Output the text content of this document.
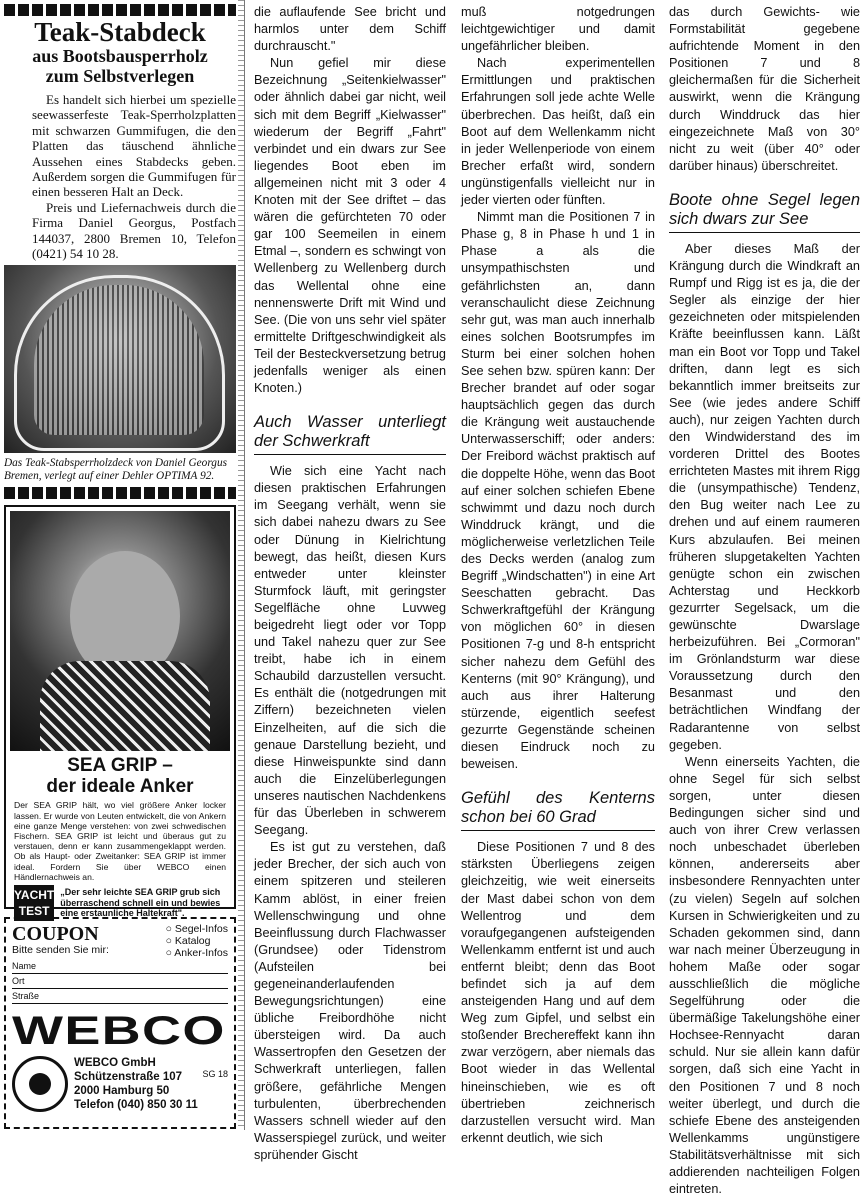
Teak-Stabdeck
aus Bootsbausperrholz
zum Selbstverlegen

Es handelt sich hierbei um spezielle seewasserfeste Teak-Sperrholzplatten mit schwarzen Gummifugen, die den Platten das täuschend ähnliche Aussehen eines Stabdecks geben. Außerdem sorgen die Gummifugen für einen besseren Halt an Deck.

Preis und Liefernachweis durch die Firma Daniel Georgus, Postfach 144037, 2800 Bremen 10, Telefon (0421) 54 10 28.

Das Teak-Stabsperrholzdeck von Daniel Georgus Bremen, verlegt auf einer Dehler OPTIMA 92.
SEA GRIP –
der ideale Anker
Der SEA GRIP hält, wo viel größere Anker locker lassen. Er wurde von Leuten entwickelt, die von Ankern eine ganze Menge verstehen: von zwei schwedischen Fischern. SEA GRIP ist leicht und überaus gut zu verstauen, denn er kann zusammengeklappt werden. Ob als Haupt- oder Zweitanker: SEA GRIP ist immer ideal. Fordern Sie über WEBCO einen Händlernachweis an.
YACHT
TEST
„Der sehr leichte SEA GRIP grub sich überraschend schnell ein und bewies eine erstaunliche Haltekraft".
COUPON
Bitte senden Sie mir:
○ Segel-Infos
○ Katalog
○ Anker-Infos
Name
Ort
Straße
SG 18
WEBCO
WEBCO GmbH
Schützenstraße 107
2000 Hamburg 50
Telefon (040) 850 30 11

die auflaufende See bricht und harmlos unter dem Schiff durchrauscht."

Nun gefiel mir diese Bezeichnung „Seitenkielwasser" oder ähnlich dabei gar nicht, weil sich mit dem Begriff „Kielwasser" wiederum der Begriff „Fahrt" verbindet und ein dwars zur See liegendes Boot eben im allgemeinen nicht mit 3 oder 4 Knoten mit der See driftet – das wären die gefürchteten 70 oder gar 100 Seemeilen in einem Etmal –, sondern es schwingt von Wellenberg zu Wellenberg durch das Wellental ohne eine nennenswerte Drift mit Wind und See. (Die von uns sehr viel später ermittelte Driftgeschwindigkeit als Teil der Besteckversetzung betrug jedenfalls weniger als einen Knoten.)

Auch Wasser unterliegt der Schwerkraft

Wie sich eine Yacht nach diesen praktischen Erfahrungen im Seegang verhält, wenn sie sich dabei nahezu dwars zu See oder Dünung in Kielrichtung bewegt, das heißt, diesen Kurs entweder unter kleinster Sturmfock läuft, mit geringster Segelfläche ohne Luvweg beigedreht liegt oder vor Topp und Takel nahezu quer zur See treibt, habe ich in einem Schaubild darzustellen versucht. Es enthält die (notgedrungen mit Ziffern) bezeichneten vielen Einzelheiten, auf die sich die genaue Darstellung bezieht, und diese Hinweispunkte sind dann auch die Einzelüberlegungen unseres nautischen Nachdenkens für das Überleben in schwerem Seegang.

Es ist gut zu verstehen, daß jeder Brecher, der sich auch von einem spitzeren und steileren Kamm ablöst, in einer freien Wellenschwingung und ohne Beeinflussung durch Flachwasser (Grundsee) oder Tidenstrom (Aufsteilen bei gegeneinanderlaufenden Bewegungsrichtungen) eine übliche Freibordhöhe nicht übersteigen wird. Da auch Wassertropfen den Gesetzen der Schwerkraft unterliegen, fallen größere, gefährliche Mengen turbulenten, überbrechenden Wassers schnell wieder auf den Wasserspiegel zurück, und weiter sprühender Gischt

muß notgedrungen leichtgewichtiger und damit ungefährlicher bleiben.

Nach experimentellen Ermittlungen und praktischen Erfahrungen soll jede achte Welle überbrechen. Das heißt, daß ein Boot auf dem Wellenkamm nicht in jeder Wellenperiode von einem Brecher erfaßt wird, sondern ungünstigenfalls vielleicht nur in jeder vierten oder fünften.

Nimmt man die Positionen 7 in Phase g, 8 in Phase h und 1 in Phase a als die unsympathischsten und gefährlichsten an, dann veranschaulicht diese Zeichnung sehr gut, was man auch innerhalb eines solchen Bootsrumpfes im Sturm bei einer solchen hohen See sehen bzw. spüren kann: Der Brecher brandet auf oder sogar hauptsächlich gegen das durch die Krängung weit austauchende Unterwasserschiff; oder anders: Der Freibord wächst praktisch auf die doppelte Höhe, wenn das Boot auf einer solchen schiefen Ebene schwimmt und dazu noch durch Winddruck krängt, und die möglicherweise verletzlichen Teile des Decks werden (analog zum Begriff „Windschatten") in eine Art Seeschatten gebracht. Das Schwerkraftgefühl der Krängung von möglichen 60° in diesen Positionen 7-g und 8-h entspricht sicher nahezu dem Gefühl des Kenterns (mit 90° Krängung), und auch aus ihrer Halterung stürzende, eigentlich seefest gezurrte Gegenstände scheinen diesen Eindruck noch zu beweisen.

Gefühl des Kenterns schon bei 60 Grad

Diese Positionen 7 und 8 des stärksten Überliegens zeigen gleichzeitig, wie weit einerseits der Mast dabei schon von dem Wellentrog und dem voraufgegangenen aufsteigenden Wellenkamm entfernt ist und auch entfernt bleibt; denn das Boot befindet sich ja auf dem ansteigenden Hang und auf dem Weg zum Gipfel, und selbst ein stoßender Brechereffekt kann ihn zwar verzögern, aber niemals das Boot wieder in das Wellental hineinschieben, wie es oft übertrieben zeichnerisch darzustellen versucht wird. Man erkennt deutlich, wie sich

das durch Gewichts- wie Formstabilität gegebene aufrichtende Moment in den Positionen 7 und 8 gleichermaßen für die Sicherheit auswirkt, wenn die Krängung durch Winddruck das hier eingezeichnete Maß von 30° nicht zu weit (über 40° oder darüber hinaus) überschreitet.

Boote ohne Segel legen sich dwars zur See

Aber dieses Maß der Krängung durch die Windkraft an Rumpf und Rigg ist es ja, die der Segler als einzige der hier gezeichneten oder mitspielenden Kräfte beeinflussen kann. Läßt man ein Boot vor Topp und Takel driften, dann legt es sich bekanntlich immer breitseits zur See (wie jedes andere Schiff auch), nur zeigen Yachten durch den Windwiderstand des im vorderen Drittel des Bootes errichteten Mastes mit ihrem Rigg die (unsympathische) Tendenz, den Bug weiter nach Lee zu drehen und auf einem raumeren Kurs abzulaufen. Bei meinen früheren slupgetakelten Yachten genügte schon ein zwischen Achterstag und Heckkorb gezurrter Segelsack, um die gewünschte Dwarslage herbeizuführen. Bei „Cormoran" im Grönlandsturm war diese Voraussetzung durch den Besanmast und den beträchtlichen Windfang der Radarantenne von selbst gegeben.

Wenn einerseits Yachten, die ohne Segel für sich selbst sorgen, unter diesen Bedingungen sicher sind und auch von ihrer Crew verlassen noch unbeschadet überleben können, andererseits aber insbesondere Rennyachten unter (zu vielen) Segeln auf solchen Kursen in Schwierigkeiten und zu Schaden gekommen sind, dann war nach meiner Überzeugung in hohem Maße oder sogar ausschließlich die mögliche Segelführung oder die übermäßige Takelungshöhe einer Hochsee-Rennyacht daran schuld. Nur sie allein kann dafür sorgen, daß sich eine Yacht in den Positionen 7 und 8 noch weiter überlegt, und durch die schiefe Ebene des ansteigenden Wellenkamms ungünstigere Stabilitätsverhältnisse mit sich addierenden nachteiligen Folgen eintreten.
